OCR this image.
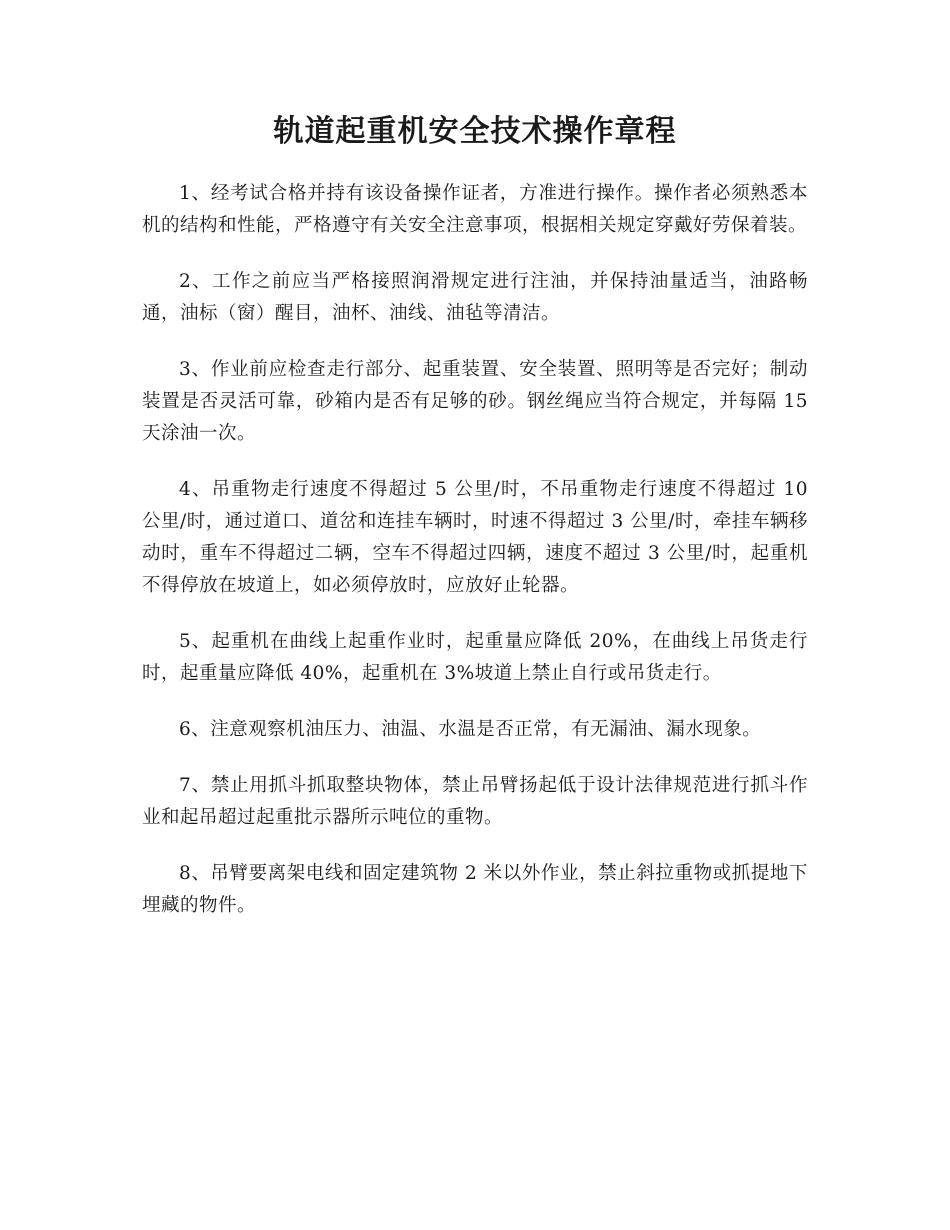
轨道起重机安全技术操作章程

1、经考试合格并持有该设备操作证者，方准进行操作。操作者必须熟悉本机的结构和性能，严格遵守有关安全注意事项，根据相关规定穿戴好劳保着装。

2、工作之前应当严格接照润滑规定进行注油，并保持油量适当，油路畅通，油标（窗）醒目，油杯、油线、油毡等清洁。

3、作业前应检查走行部分、起重装置、安全装置、照明等是否完好；制动装置是否灵活可靠，砂箱内是否有足够的砂。钢丝绳应当符合规定，并每隔 15 天涂油一次。

4、吊重物走行速度不得超过 5 公里/时，不吊重物走行速度不得超过 10 公里/时，通过道口、道岔和连挂车辆时，时速不得超过 3 公里/时，牵挂车辆移动时，重车不得超过二辆，空车不得超过四辆，速度不超过 3 公里/时，起重机不得停放在坡道上，如必须停放时，应放好止轮器。

5、起重机在曲线上起重作业时，起重量应降低 20%，在曲线上吊货走行时，起重量应降低 40%，起重机在 3%坡道上禁止自行或吊货走行。

6、注意观察机油压力、油温、水温是否正常，有无漏油、漏水现象。

7、禁止用抓斗抓取整块物体，禁止吊臂扬起低于设计法律规范进行抓斗作业和起吊超过起重批示器所示吨位的重物。

8、吊臂要离架电线和固定建筑物 2 米以外作业，禁止斜拉重物或抓提地下埋藏的物件。
